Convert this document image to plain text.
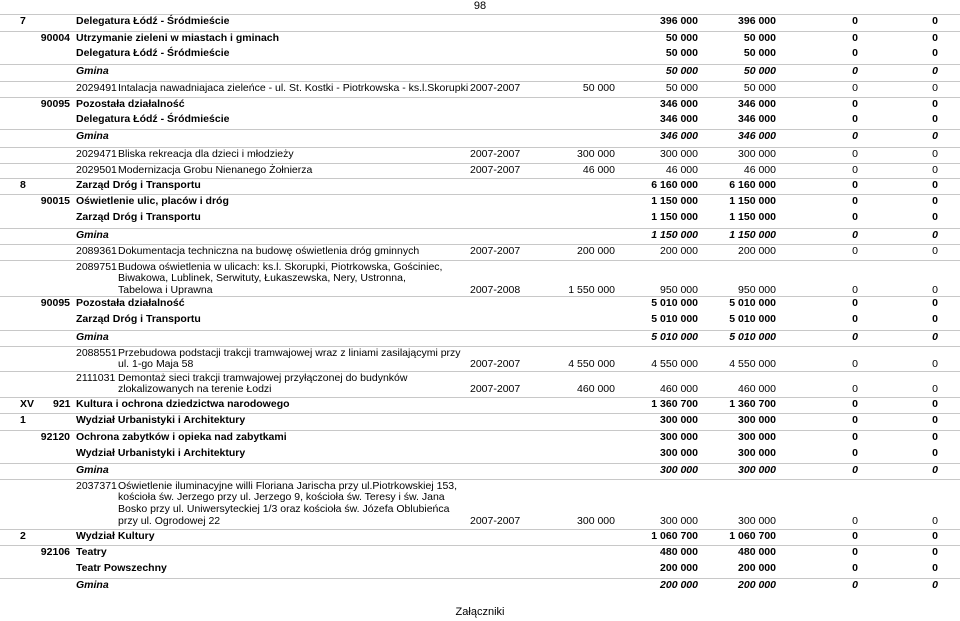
98
7	Delegatura Łódź - Śródmieście	396 000	396 000	0	0
90004 Utrzymanie zieleni w miastach i gminach	50 000	50 000	0	0
Delegatura Łódź - Śródmieście	50 000	50 000	0	0
Gmina	50 000	50 000	0	0
2029491 Intalacja nawadniajaca zieleńce - ul. St. Kostki - Piotrkowska - ks.l.Skorupki 2007-2007	50 000	50 000	50 000	0	0
90095 Pozostała działalność	346 000	346 000	0	0
Delegatura Łódź - Śródmieście	346 000	346 000	0	0
Gmina	346 000	346 000	0	0
2029471 Bliska rekreacja dla dzieci i młodzieży	2007-2007	300 000	300 000	300 000	0	0
2029501 Modernizacja Grobu Nienanego Żołnierza	2007-2007	46 000	46 000	46 000	0	0
8	Zarząd Dróg i Transportu	6 160 000	6 160 000	0	0
90015 Oświetlenie ulic, placów i dróg	1 150 000	1 150 000	0	0
Zarząd Dróg i Transportu	1 150 000	1 150 000	0	0
Gmina	1 150 000	1 150 000	0	0
2089361 Dokumentacja techniczna na budowę oświetlenia dróg gminnych	2007-2007	200 000	200 000	200 000	0	0
2089751 Budowa oświetlenia w ulicach: ks.l. Skorupki, Piotrkowska, Gościniec,
Biwakowa, Lublinek, Serwituty, Łukaszewska, Nery, Ustronna,
Tabelowa i Uprawna	2007-2008	1 550 000	950 000	950 000	0	0
90095 Pozostała działalność	5 010 000	5 010 000	0	0
Zarząd Dróg i Transportu	5 010 000	5 010 000	0	0
Gmina	5 010 000	5 010 000	0	0
2088551 Przebudowa podstacji trakcji tramwajowej wraz z liniami zasilającymi przy
ul. 1-go Maja 58	2007-2007	4 550 000	4 550 000	4 550 000	0	0
2111031 Demontaż sieci trakcji tramwajowej przyłączonej do budynków
zlokalizowanych na terenie Łodzi	2007-2007	460 000	460 000	460 000	0	0
XV	921 Kultura i ochrona dziedzictwa narodowego	1 360 700	1 360 700	0	0
1	Wydział Urbanistyki i Architektury	300 000	300 000	0	0
92120 Ochrona zabytków i opieka nad zabytkami	300 000	300 000	0	0
Wydział Urbanistyki i Architektury	300 000	300 000	0	0
Gmina	300 000	300 000	0	0
2037371 Oświetlenie iluminacyjne willi Floriana Jarischa przy ul.Piotrkowskiej 153,
kościoła św. Jerzego przy ul. Jerzego 9, kościoła św. Teresy i św. Jana
Bosko przy ul. Uniwersyteckiej 1/3 oraz kościoła św. Józefa Oblubieńca
przy ul. Ogrodowej 22	2007-2007	300 000	300 000	300 000	0	0
2	Wydział Kultury	1 060 700	1 060 700	0	0
92106 Teatry	480 000	480 000	0	0
Teatr Powszechny	200 000	200 000	0	0
Gmina	200 000	200 000	0	0
Załączniki
